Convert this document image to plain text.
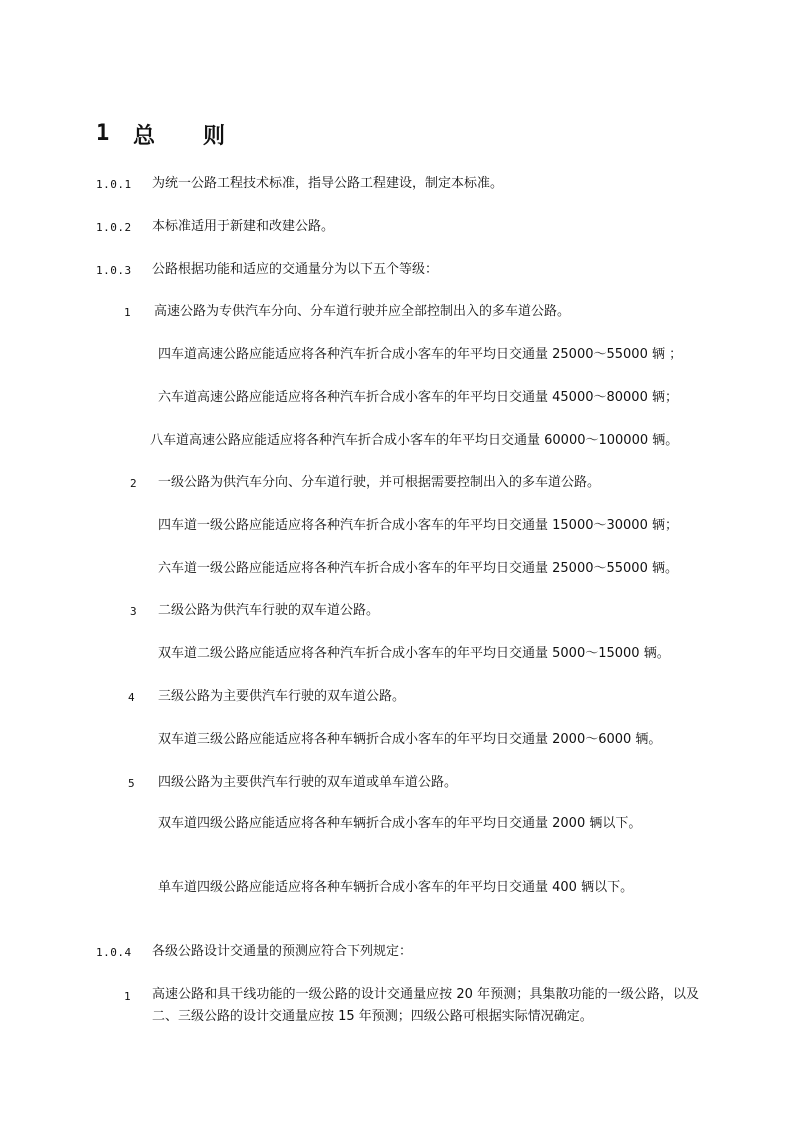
1 总则
1.0.1 为统一公路工程技术标准，指导公路工程建设，制定本标准。
1.0.2 本标准适用于新建和改建公路。
1.0.3 公路根据功能和适应的交通量分为以下五个等级：
1 高速公路为专供汽车分向、分车道行驶并应全部控制出入的多车道公路。
四车道高速公路应能适应将各种汽车折合成小客车的年平均日交通量 25000～55000 辆 ；
六车道高速公路应能适应将各种汽车折合成小客车的年平均日交通量 45000～80000 辆；
八车道高速公路应能适应将各种汽车折合成小客车的年平均日交通量 60000～100000 辆。
2 一级公路为供汽车分向、分车道行驶，并可根据需要控制出入的多车道公路。
四车道一级公路应能适应将各种汽车折合成小客车的年平均日交通量 15000～30000 辆；
六车道一级公路应能适应将各种汽车折合成小客车的年平均日交通量 25000～55000 辆。
3 二级公路为供汽车行驶的双车道公路。
双车道二级公路应能适应将各种汽车折合成小客车的年平均日交通量 5000～15000 辆。
4 三级公路为主要供汽车行驶的双车道公路。
双车道三级公路应能适应将各种车辆折合成小客车的年平均日交通量 2000～6000 辆。
5 四级公路为主要供汽车行驶的双车道或单车道公路。
双车道四级公路应能适应将各种车辆折合成小客车的年平均日交通量 2000 辆以下。
单车道四级公路应能适应将各种车辆折合成小客车的年平均日交通量 400 辆以下。
1.0.4 各级公路设计交通量的预测应符合下列规定：
1 高速公路和具干线功能的一级公路的设计交通量应按 20 年预测；具集散功能的一级公路，以及二、三级公路的设计交通量应按 15 年预测；四级公路可根据实际情况确定。
